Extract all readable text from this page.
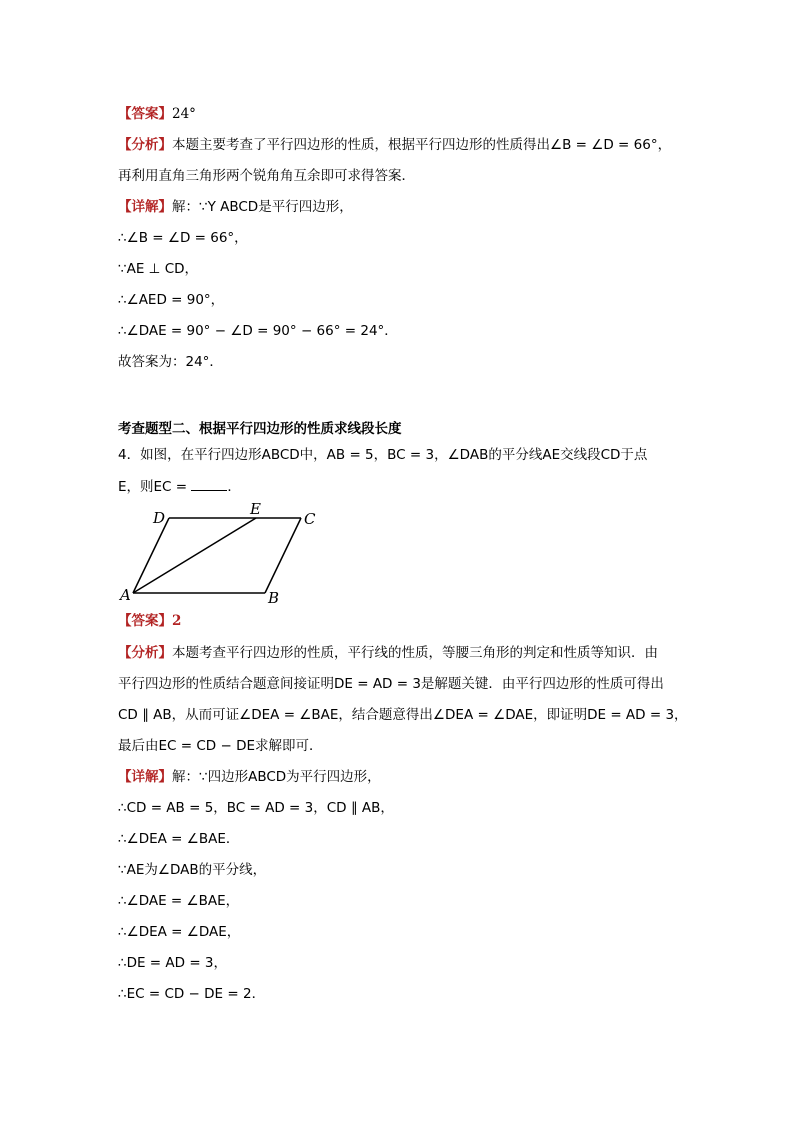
【答案】24°
【分析】本题主要考查了平行四边形的性质，根据平行四边形的性质得出∠B = ∠D = 66°，
再利用直角三角形两个锐角角互余即可求得答案．
【详解】解：∵Y ABCD是平行四边形，
∴∠B = ∠D = 66°，
∵AE ⊥ CD，
∴∠AED = 90°，
∴∠DAE = 90° − ∠D = 90° − 66° = 24°．
故答案为：24°．
考查题型二、根据平行四边形的性质求线段长度
4．如图，在平行四边形ABCD中，AB = 5，BC = 3，∠DAB的平分线AE交线段CD于点
E，则EC =	．
D	E
C
A	B
【答案】2
【分析】本题考查平行四边形的性质，平行线的性质，等腰三角形的判定和性质等知识．由
平行四边形的性质结合题意间接证明DE = AD = 3是解题关键．由平行四边形的性质可得出
CD ∥ AB，从而可证∠DEA = ∠BAE，结合题意得出∠DEA = ∠DAE，即证明DE = AD = 3，
最后由EC = CD − DE求解即可．
【详解】解：∵四边形ABCD为平行四边形，
∴CD = AB = 5，BC = AD = 3，CD ∥ AB，
∴∠DEA = ∠BAE．
∵AE为∠DAB的平分线，
∴∠DAE = ∠BAE，
∴∠DEA = ∠DAE，
∴DE = AD = 3，
∴EC = CD − DE = 2．
